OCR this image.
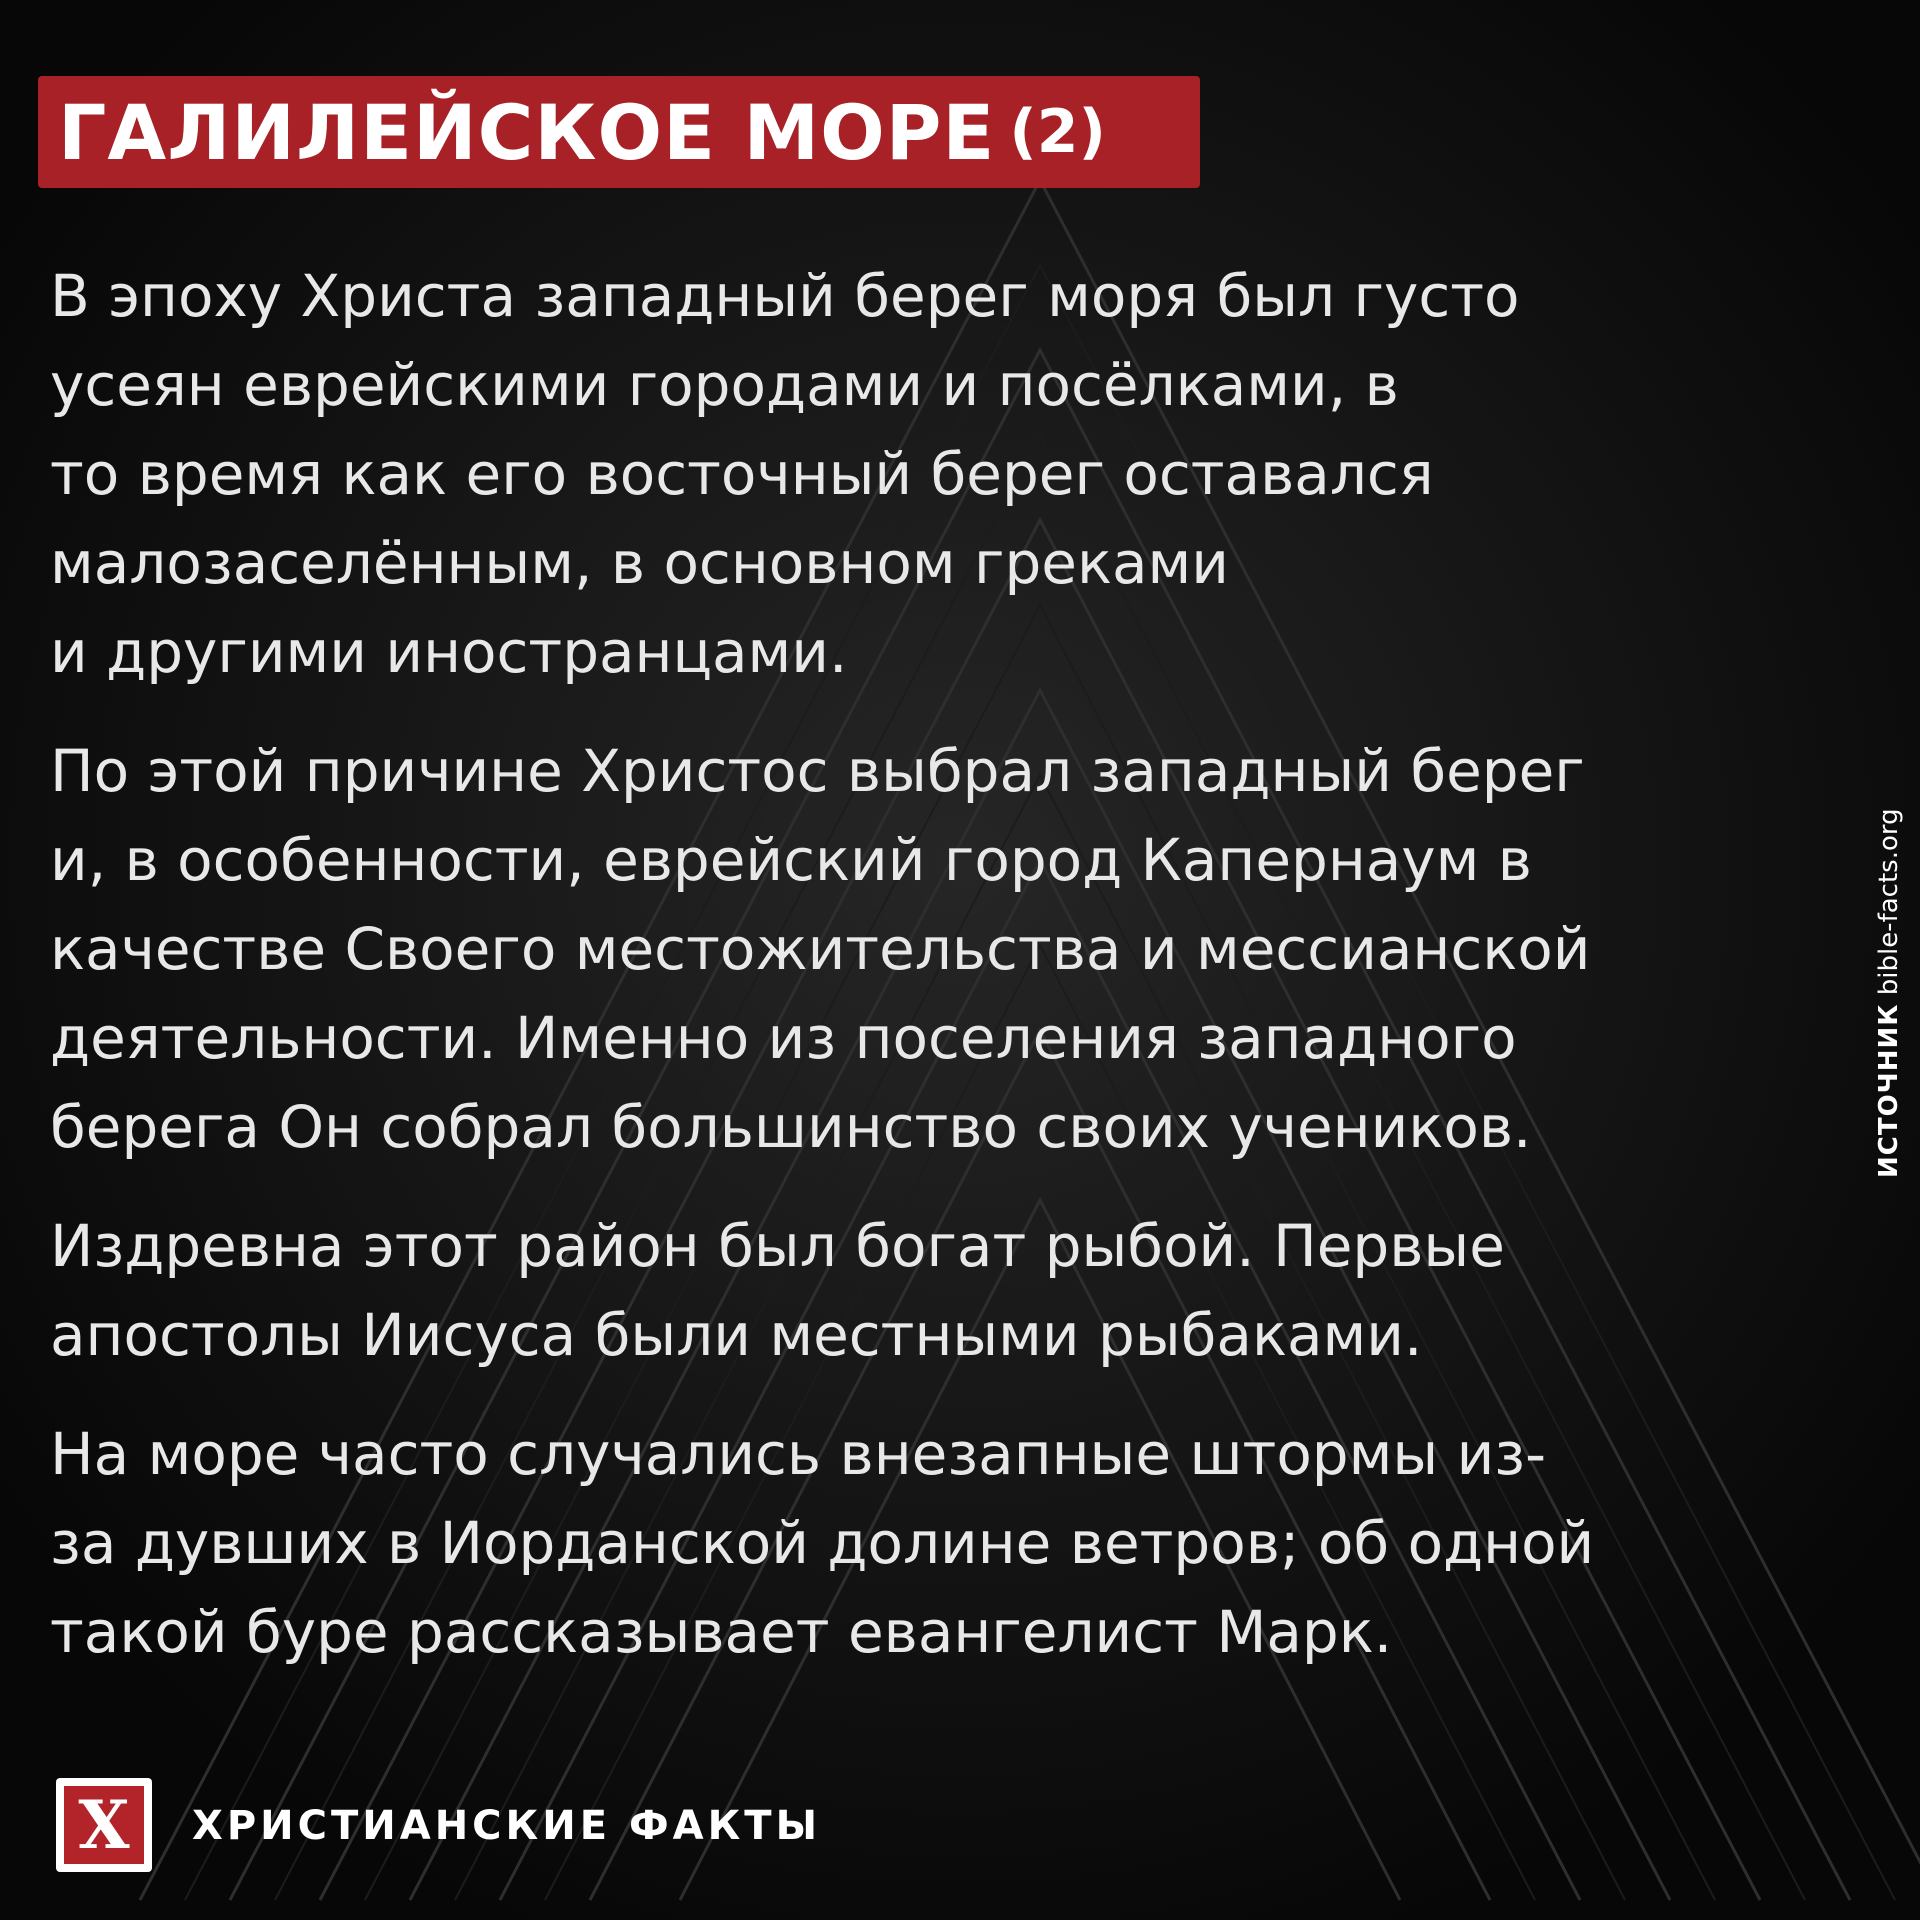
ГАЛИЛЕЙСКОЕ МОРЕ (2)

В эпоху Христа западный берег моря был густо
усеян еврейскими городами и посёлками, в
то время как его восточный берег оставался
малозаселённым, в основном греками
и другими иностранцами.

По этой причине Христос выбрал западный берег
и, в особенности, еврейский город Капернаум в
качестве Своего местожительства и мессианской
деятельности. Именно из поселения западного
берега Он собрал большинство своих учеников.

Издревна этот район был богат рыбой. Первые
апостолы Иисуса были местными рыбаками.

На море часто случались внезапные штормы из-
за дувших в Иорданской долине ветров; об одной
такой буре рассказывает евангелист Марк.

ИСТОЧНИК bible-facts.org
X	ХРИСТИАНСКИЕ ФАКТЫ
